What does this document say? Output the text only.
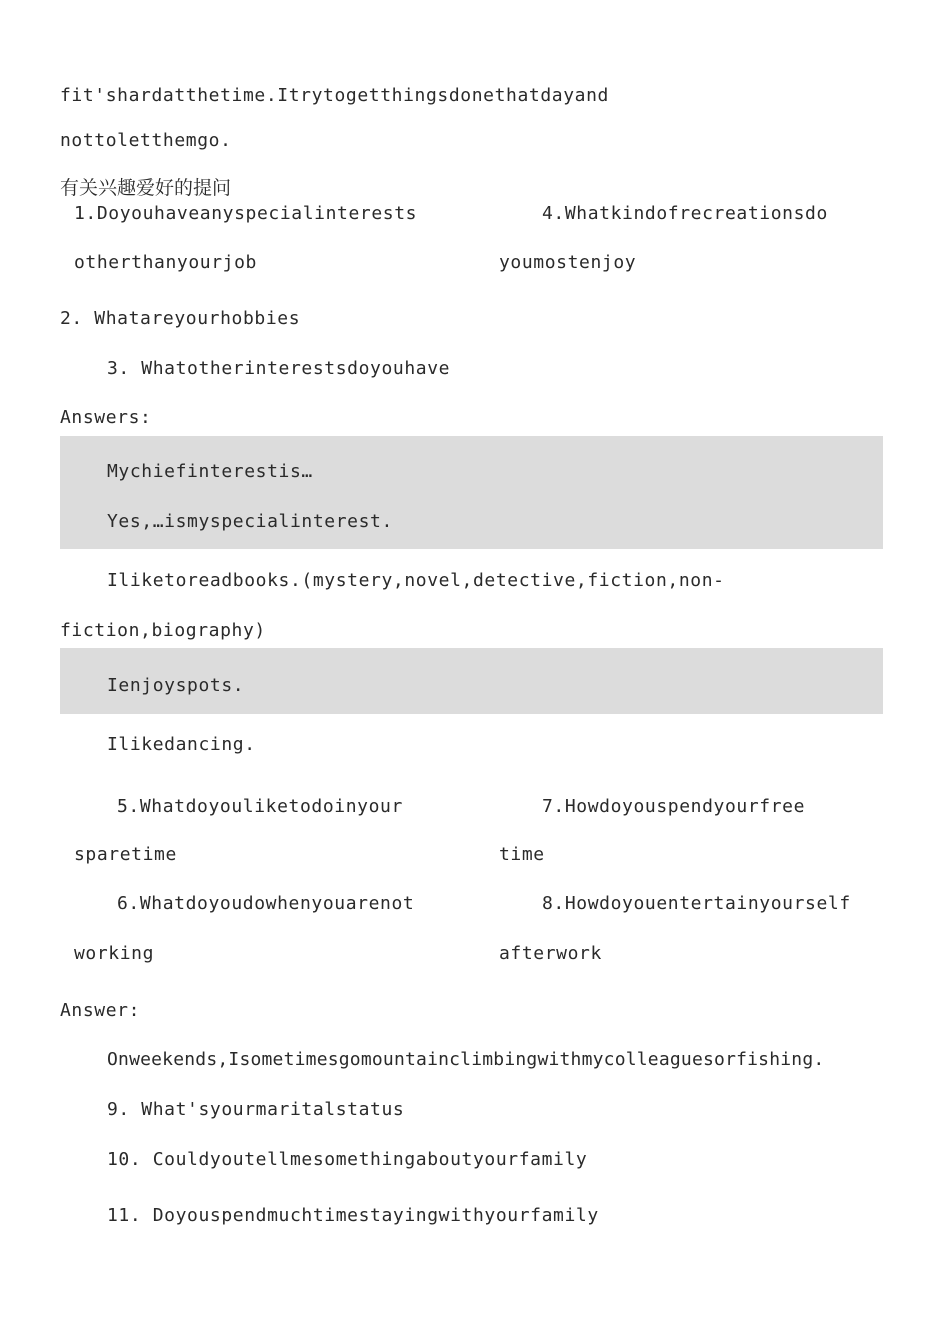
fit'shardatthetime.Itrytogetthingsdonethatdayand
nottoletthemgo.
有关兴趣爱好的提问
1.Doyouhaveanyspecialinterests
otherthanyourjob
4.Whatkindofrecreationsdo
youmostenjoy
2. Whatareyourhobbies
3. Whatotherinterestsdoyouhave
Answers:
Mychiefinterestis…
Yes,…ismyspecialinterest.
Iliketoreadbooks.(mystery,novel,detective,fiction,non-
fiction,biography)
Ienjoyspots.
Ilikedancing.
5.Whatdoyouliketodoinyour
sparetime
7.Howdoyouspendyourfree
time
6.Whatdoyoudowhenyouarenot
working
8.Howdoyouentertainyourself
afterwork
Answer:
Onweekends,Isometimesgomountainclimbingwithmycolleaguesorfishing.
9. What'syourmaritalstatus
10. Couldyoutellmesomethingaboutyourfamily
11. Doyouspendmuchtimestayingwithyourfamily
